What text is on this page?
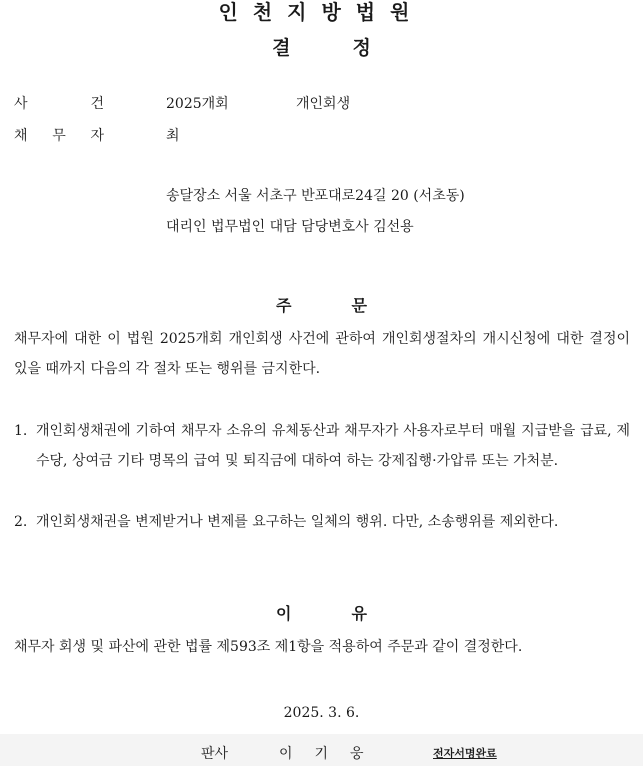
인천지방법원
결정
사	건	2025개회	개인회생
채 무 자	최
송달장소 서울 서초구 반포대로24길 20 (서초동)
대리인 법무법인 대담 담당변호사 김선용
주문
채무자에 대한 이 법원 2025개회 개인회생 사건에 관하여 개인회생절차의 개시신청에 대한 결정이 있을 때까지 다음의 각 절차 또는 행위를 금지한다.
1. 개인회생채권에 기하여 채무자 소유의 유체동산과 채무자가 사용자로부터 매월 지급받을 급료, 제수당, 상여금 기타 명목의 급여 및 퇴직금에 대하여 하는 강제집행·가압류 또는 가처분.
2. 개인회생채권을 변제받거나 변제를 요구하는 일체의 행위. 다만, 소송행위를 제외한다.
이유
채무자 회생 및 파산에 관한 법률 제593조 제1항을 적용하여 주문과 같이 결정한다.
2025. 3. 6.
판사	이기웅	전자서명완료
